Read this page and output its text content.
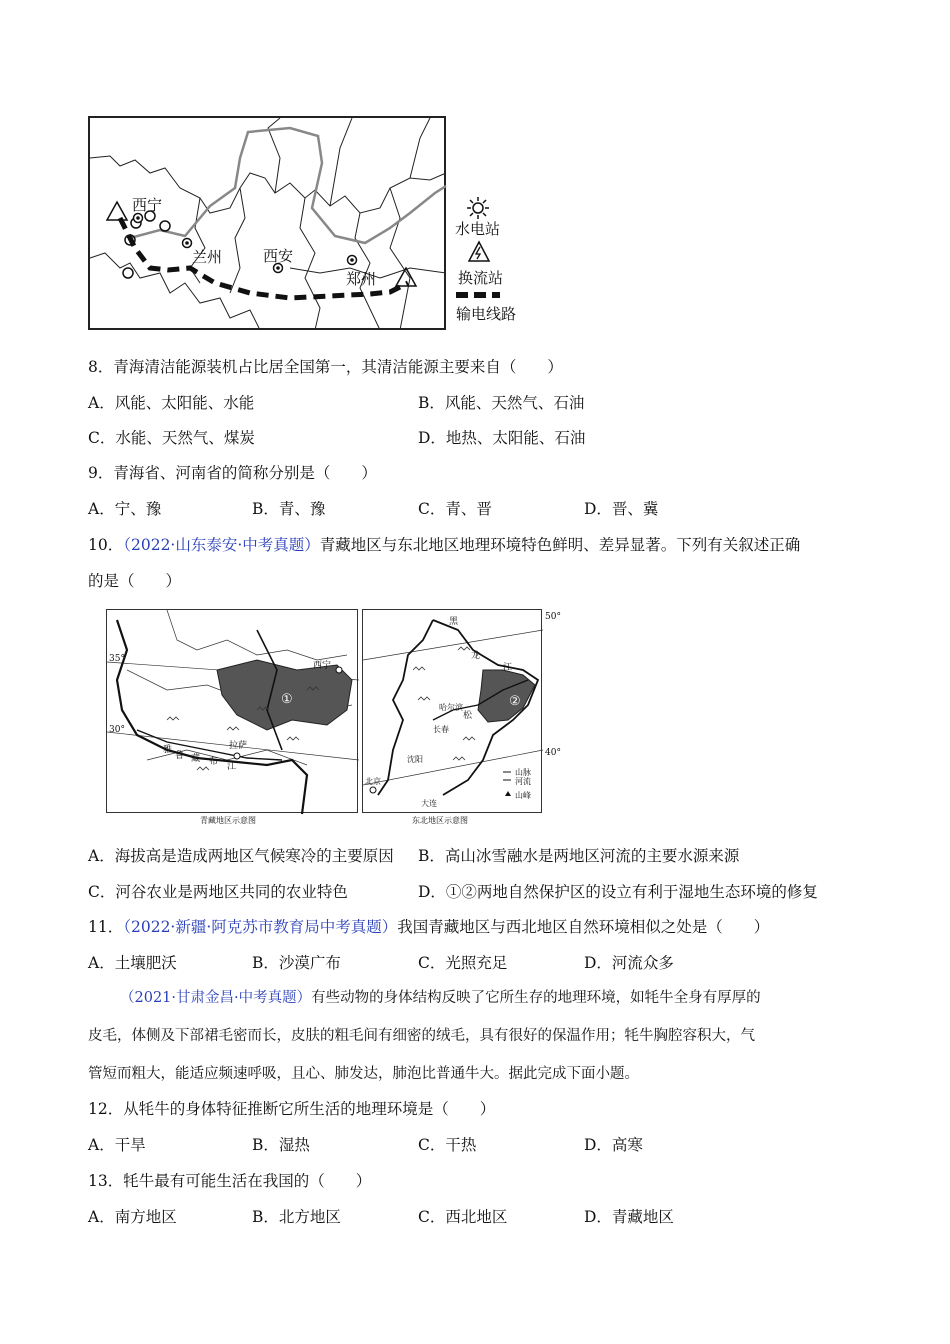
西宁
兰州	西安
郑州
水电站
换流站
输电线路
8．青海清洁能源装机占比居全国第一，其清洁能源主要来自（　　）
A．风能、太阳能、水能	B．风能、天然气、石油
C．水能、天然气、煤炭	D．地热、太阳能、石油
9．青海省、河南省的简称分别是（　　）
A．宁、豫	B．青、豫	C．青、晋	D．晋、冀
10．（2022·山东泰安·中考真题）青藏地区与东北地区地理环境特色鲜明、差异显著。下列有关叙述正确
的是（　　）
35°
30°
西宁
①
雅
鲁 藏 布 江
拉萨
青藏地区示意图
50°
40°
黑
龙
江
松
②
哈尔滨
长春
沈阳
北京
大连
山脉
河流
山峰
东北地区示意图
A．海拔高是造成两地区气候寒冷的主要原因 B．高山冰雪融水是两地区河流的主要水源来源
C．河谷农业是两地区共同的农业特色	D．①②两地自然保护区的设立有利于湿地生态环境的修复
11．（2022·新疆·阿克苏市教育局中考真题）我国青藏地区与西北地区自然环境相似之处是（　　）
A．土壤肥沃	B．沙漠广布	C．光照充足	D．河流众多
（2021·甘肃金昌·中考真题）有些动物的身体结构反映了它所生存的地理环境，如牦牛全身有厚厚的
皮毛，体侧及下部裙毛密而长，皮肤的粗毛间有细密的绒毛，具有很好的保温作用；牦牛胸腔容积大，气
管短而粗大，能适应频速呼吸，且心、肺发达，肺泡比普通牛大。据此完成下面小题。
12．从牦牛的身体特征推断它所生活的地理环境是（　　）
A．干旱	B．湿热	C．干热	D．高寒
13．牦牛最有可能生活在我国的（　　）
A．南方地区	B．北方地区	C．西北地区	D．青藏地区
